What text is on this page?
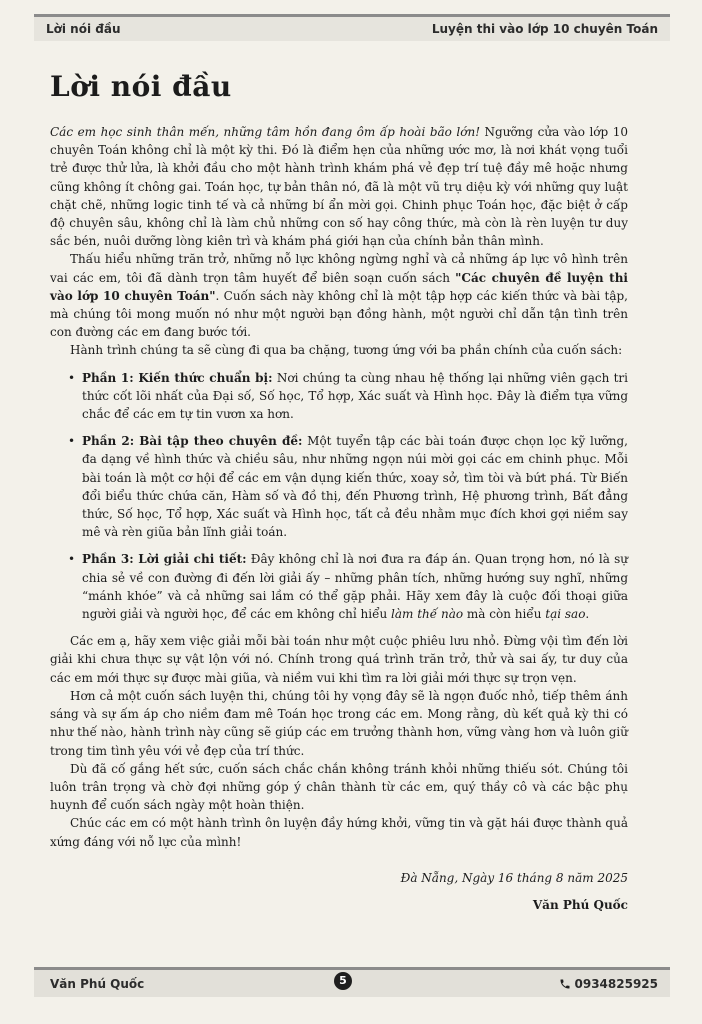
Lời nói đầu	Luyện thi vào lớp 10 chuyên Toán
Lời nói đầu

Các em học sinh thân mến, những tâm hồn đang ôm ấp hoài bão lớn! Ngưỡng cửa vào lớp 10 chuyên Toán không chỉ là một kỳ thi. Đó là điểm hẹn của những ước mơ, là nơi khát vọng tuổi trẻ được thử lửa, là khởi đầu cho một hành trình khám phá vẻ đẹp trí tuệ đầy mê hoặc nhưng cũng không ít chông gai. Toán học, tự bản thân nó, đã là một vũ trụ diệu kỳ với những quy luật chặt chẽ, những logic tinh tế và cả những bí ẩn mời gọi. Chinh phục Toán học, đặc biệt ở cấp độ chuyên sâu, không chỉ là làm chủ những con số hay công thức, mà còn là rèn luyện tư duy sắc bén, nuôi dưỡng lòng kiên trì và khám phá giới hạn của chính bản thân mình.

Thấu hiểu những trăn trở, những nỗ lực không ngừng nghỉ và cả những áp lực vô hình trên vai các em, tôi đã dành trọn tâm huyết để biên soạn cuốn sách "Các chuyên đề luyện thi vào lớp 10 chuyên Toán". Cuốn sách này không chỉ là một tập hợp các kiến thức và bài tập, mà chúng tôi mong muốn nó như một người bạn đồng hành, một người chỉ dẫn tận tình trên con đường các em đang bước tới.

Hành trình chúng ta sẽ cùng đi qua ba chặng, tương ứng với ba phần chính của cuốn sách:

• Phần 1: Kiến thức chuẩn bị: Nơi chúng ta cùng nhau hệ thống lại những viên gạch tri thức cốt lõi nhất của Đại số, Số học, Tổ hợp, Xác suất và Hình học. Đây là điểm tựa vững chắc để các em tự tin vươn xa hơn.
• Phần 2: Bài tập theo chuyên đề: Một tuyển tập các bài toán được chọn lọc kỹ lưỡng, đa dạng về hình thức và chiều sâu, như những ngọn núi mời gọi các em chinh phục. Mỗi bài toán là một cơ hội để các em vận dụng kiến thức, xoay sở, tìm tòi và bứt phá. Từ Biến đổi biểu thức chứa căn, Hàm số và đồ thị, đến Phương trình, Hệ phương trình, Bất đẳng thức, Số học, Tổ hợp, Xác suất và Hình học, tất cả đều nhằm mục đích khơi gợi niềm say mê và rèn giũa bản lĩnh giải toán.
• Phần 3: Lời giải chi tiết: Đây không chỉ là nơi đưa ra đáp án. Quan trọng hơn, nó là sự chia sẻ về con đường đi đến lời giải ấy – những phân tích, những hướng suy nghĩ, những “mánh khóe” và cả những sai lầm có thể gặp phải. Hãy xem đây là cuộc đối thoại giữa người giải và người học, để các em không chỉ hiểu làm thế nào mà còn hiểu tại sao.

Các em ạ, hãy xem việc giải mỗi bài toán như một cuộc phiêu lưu nhỏ. Đừng vội tìm đến lời giải khi chưa thực sự vật lộn với nó. Chính trong quá trình trăn trở, thử và sai ấy, tư duy của các em mới thực sự được mài giũa, và niềm vui khi tìm ra lời giải mới thực sự trọn vẹn.

Hơn cả một cuốn sách luyện thi, chúng tôi hy vọng đây sẽ là ngọn đuốc nhỏ, tiếp thêm ánh sáng và sự ấm áp cho niềm đam mê Toán học trong các em. Mong rằng, dù kết quả kỳ thi có như thế nào, hành trình này cũng sẽ giúp các em trưởng thành hơn, vững vàng hơn và luôn giữ trong tim tình yêu với vẻ đẹp của trí thức.

Dù đã cố gắng hết sức, cuốn sách chắc chắn không tránh khỏi những thiếu sót. Chúng tôi luôn trân trọng và chờ đợi những góp ý chân thành từ các em, quý thầy cô và các bậc phụ huynh để cuốn sách ngày một hoàn thiện.

Chúc các em có một hành trình ôn luyện đầy hứng khởi, vững tin và gặt hái được thành quả xứng đáng với nỗ lực của mình!

Đà Nẵng, Ngày 16 tháng 8 năm 2025
Văn Phú Quốc
Văn Phú Quốc	5	0934825925
